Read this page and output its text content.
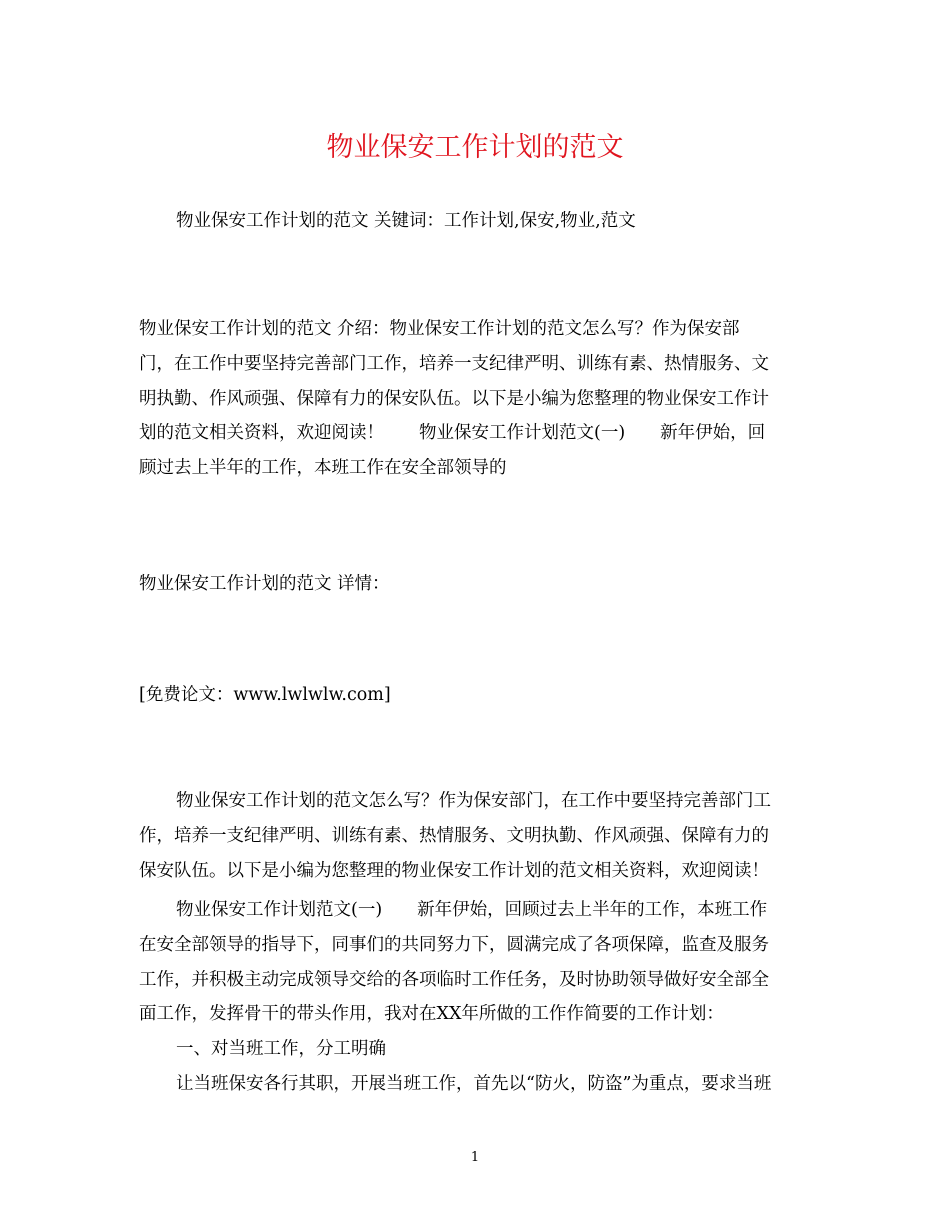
物业保安工作计划的范文
物业保安工作计划的范文 关键词：工作计划,保安,物业,范文
物业保安工作计划的范文 介绍：物业保安工作计划的范文怎么写？作为保安部
门，在工作中要坚持完善部门工作，培养一支纪律严明、训练有素、热情服务、文
明执勤、作风顽强、保障有力的保安队伍。以下是小编为您整理的物业保安工作计
划的范文相关资料，欢迎阅读！　　物业保安工作计划范文(一)　　新年伊始，回
顾过去上半年的工作，本班工作在安全部领导的
物业保安工作计划的范文 详情：
[免费论文：www.lwlwlw.com]
物业保安工作计划的范文怎么写？作为保安部门，在工作中要坚持完善部门工
作，培养一支纪律严明、训练有素、热情服务、文明执勤、作风顽强、保障有力的
保安队伍。以下是小编为您整理的物业保安工作计划的范文相关资料，欢迎阅读！
物业保安工作计划范文(一)　　新年伊始，回顾过去上半年的工作，本班工作
在安全部领导的指导下，同事们的共同努力下，圆满完成了各项保障，监查及服务
工作，并积极主动完成领导交给的各项临时工作任务，及时协助领导做好安全部全
面工作，发挥骨干的带头作用，我对在XX年所做的工作作简要的工作计划：
一、对当班工作，分工明确
让当班保安各行其职，开展当班工作，首先以“防火，防盗”为重点，要求当班
1
